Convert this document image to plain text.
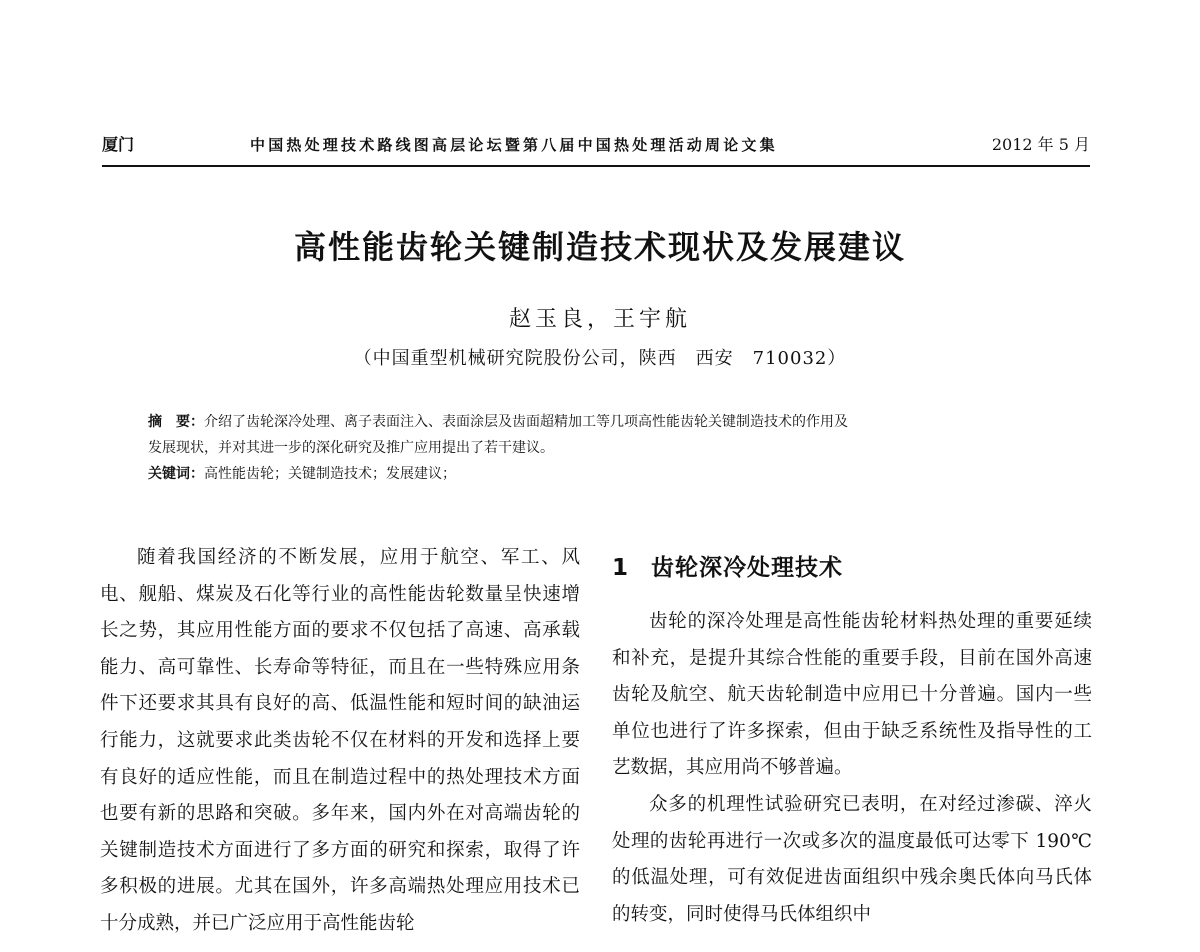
厦门	中国热处理技术路线图高层论坛暨第八届中国热处理活动周论文集	2012 年 5 月
高性能齿轮关键制造技术现状及发展建议
赵玉良，王宇航
（中国重型机械研究院股份公司，陕西　西安　710032）

摘　要：介绍了齿轮深冷处理、离子表面注入、表面涂层及齿面超精加工等几项高性能齿轮关键制造技术的作用及

发展现状，并对其进一步的深化研究及推广应用提出了若干建议。

关键词：高性能齿轮；关键制造技术；发展建议；

随着我国经济的不断发展，应用于航空、军工、风电、舰船、煤炭及石化等行业的高性能齿轮数量呈快速增长之势，其应用性能方面的要求不仅包括了高速、高承载能力、高可靠性、长寿命等特征，而且在一些特殊应用条件下还要求其具有良好的高、低温性能和短时间的缺油运行能力，这就要求此类齿轮不仅在材料的开发和选择上要有良好的适应性能，而且在制造过程中的热处理技术方面也要有新的思路和突破。多年来，国内外在对高端齿轮的关键制造技术方面进行了多方面的研究和探索，取得了许多积极的进展。尤其在国外，许多高端热处理应用技术已十分成熟，并已广泛应用于高性能齿轮

1 齿轮深冷处理技术

齿轮的深冷处理是高性能齿轮材料热处理的重要延续和补充，是提升其综合性能的重要手段，目前在国外高速齿轮及航空、航天齿轮制造中应用已十分普遍。国内一些单位也进行了许多探索，但由于缺乏系统性及指导性的工艺数据，其应用尚不够普遍。

众多的机理性试验研究已表明，在对经过渗碳、淬火处理的齿轮再进行一次或多次的温度最低可达零下 190℃的低温处理，可有效促进齿面组织中残余奥氏体向马氏体的转变，同时使得马氏体组织中
